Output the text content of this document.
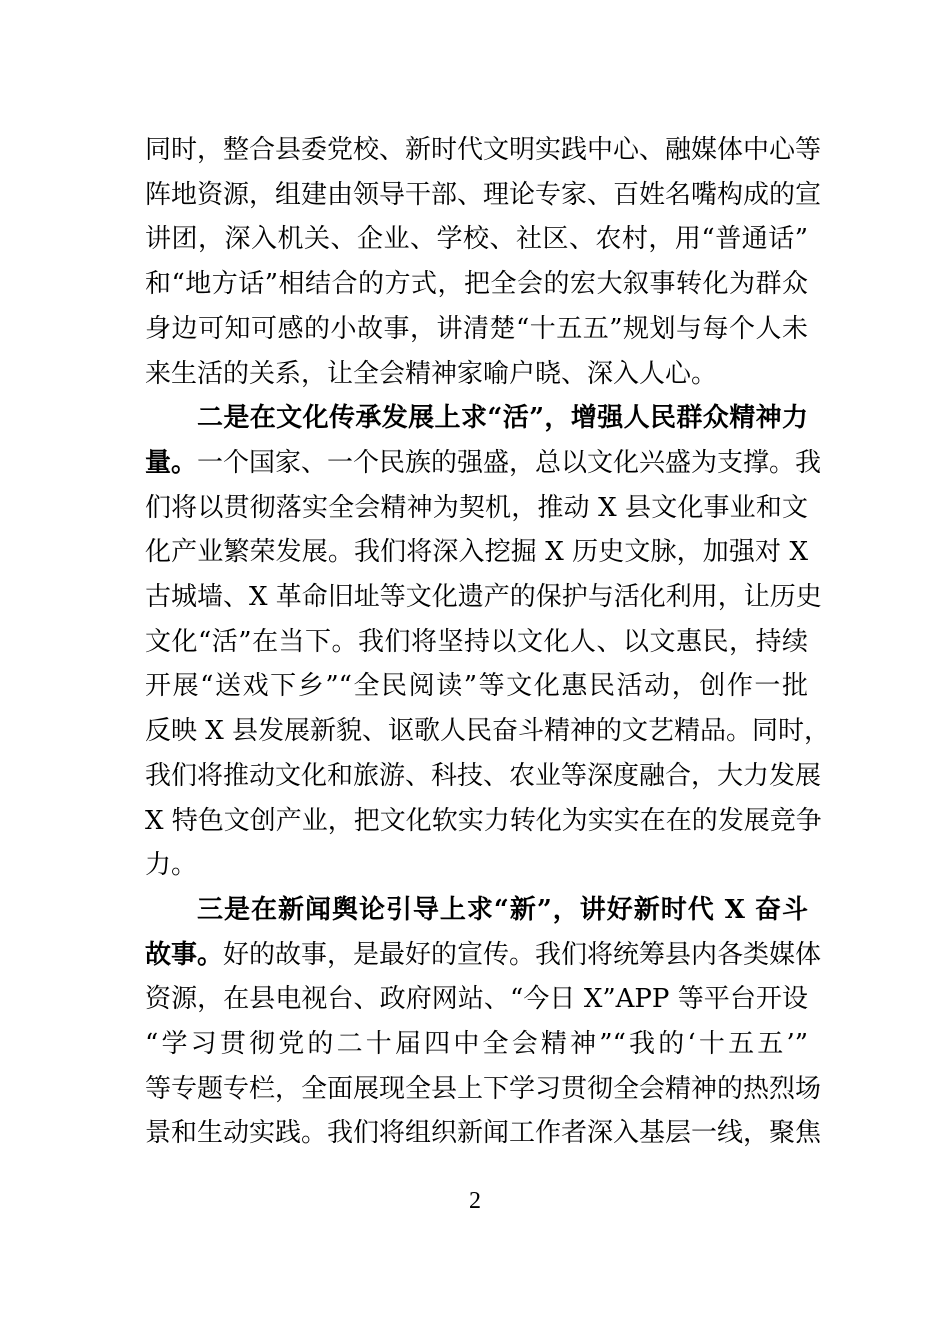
同时，整合县委党校、新时代文明实践中心、融媒体中心等
阵地资源，组建由领导干部、理论专家、百姓名嘴构成的宣
讲团，深入机关、企业、学校、社区、农村，用“普通话”
和“地方话”相结合的方式，把全会的宏大叙事转化为群众
身边可知可感的小故事，讲清楚“十五五”规划与每个人未
来生活的关系，让全会精神家喻户晓、深入人心。
二是在文化传承发展上求“活”，增强人民群众精神力
量。一个国家、一个民族的强盛，总以文化兴盛为支撑。我
们将以贯彻落实全会精神为契机，推动 X 县文化事业和文
化产业繁荣发展。我们将深入挖掘 X 历史文脉，加强对 X
古城墙、X 革命旧址等文化遗产的保护与活化利用，让历史
文化“活”在当下。我们将坚持以文化人、以文惠民，持续
开展“送戏下乡”“全民阅读”等文化惠民活动，创作一批
反映 X 县发展新貌、讴歌人民奋斗精神的文艺精品。同时，
我们将推动文化和旅游、科技、农业等深度融合，大力发展
X 特色文创产业，把文化软实力转化为实实在在的发展竞争
力。
三是在新闻舆论引导上求“新”，讲好新时代 X 奋斗
故事。好的故事，是最好的宣传。我们将统筹县内各类媒体
资源，在县电视台、政府网站、“今日 X”APP 等平台开设
“学习贯彻党的二十届四中全会精神”“我的‘十五五’”
等专题专栏，全面展现全县上下学习贯彻全会精神的热烈场
景和生动实践。我们将组织新闻工作者深入基层一线，聚焦
2
